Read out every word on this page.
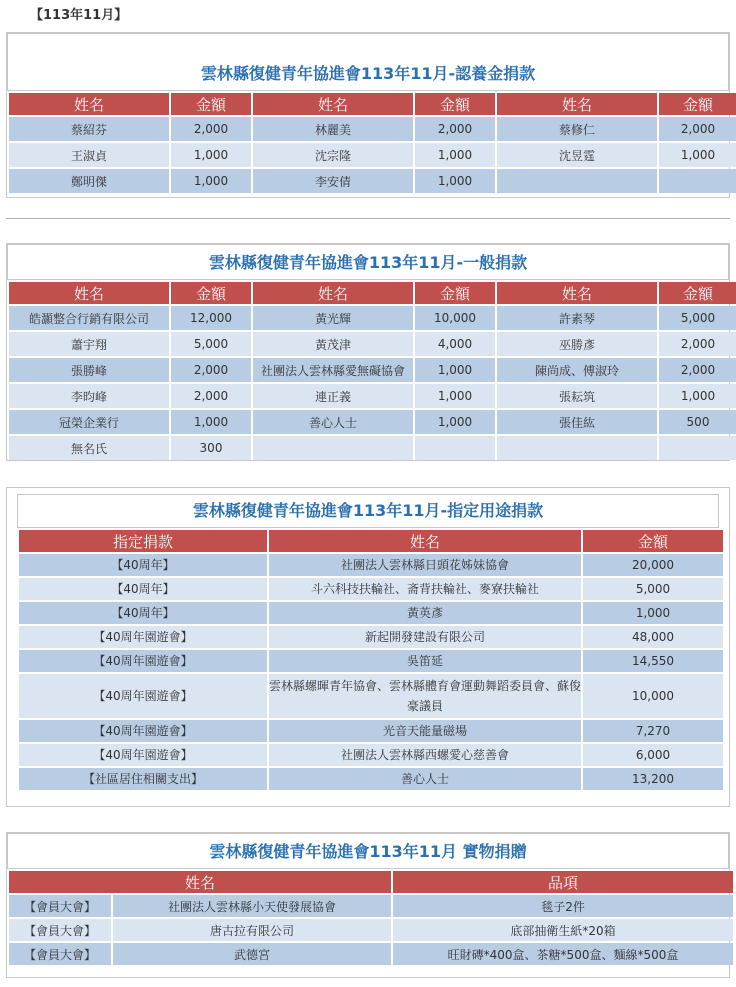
【113年11月】
雲林縣復健青年協進會113年11月-認養金捐款
姓名	金額	姓名	金額	姓名	金額
蔡紹芬	2,000	林麗美	2,000	蔡修仁	2,000
王淑貞	1,000	沈宗隆	1,000	沈昱霆	1,000
鄭明傑	1,000	李安倩	1,000		
雲林縣復健青年協進會113年11月-一般捐款
姓名	金額	姓名	金額	姓名	金額
皓灝整合行銷有限公司	12,000	黃光輝	10,000	許素琴	5,000
蕭宇翔	5,000	黃茂津	4,000	巫勝彥	2,000
張勝峰	2,000	社團法人雲林縣愛無礙協會	1,000	陳尚成、傅淑玲	2,000
李昀峰	2,000	連正義	1,000	張耘筑	1,000
冠榮企業行	1,000	善心人士	1,000	張佳紘	500
無名氏	300				
雲林縣復健青年協進會113年11月-指定用途捐款
指定捐款	姓名	金額
【40周年】	社團法人雲林縣日頭花姊妹協會	20,000
【40周年】	斗六科技扶輪社、斋背扶輪社、麥寮扶輪社	5,000
【40周年】	黃英彥	1,000
【40周年園遊會】	新起開發建設有限公司	48,000
【40周年園遊會】	吳笛延	14,550
【40周年園遊會】	雲林縣螺暉青年協會、雲林縣體育會運動舞蹈委員會、蘇俊豪議員	10,000
【40周年園遊會】	光音天能量磁場	7,270
【40周年園遊會】	社團法人雲林縣西螺愛心慈善會	6,000
【社區居住相關支出】	善心人士	13,200
雲林縣復健青年協進會113年11月 實物捐贈
姓名		品項
【會員大會】	社團法人雲林縣小天使發展協會	毯子2件
【會員大會】	唐古拉有限公司	底部抽衛生紙*20箱
【會員大會】	武德宮	旺財磚*400盒、茶糖*500盒、麵線*500盒
